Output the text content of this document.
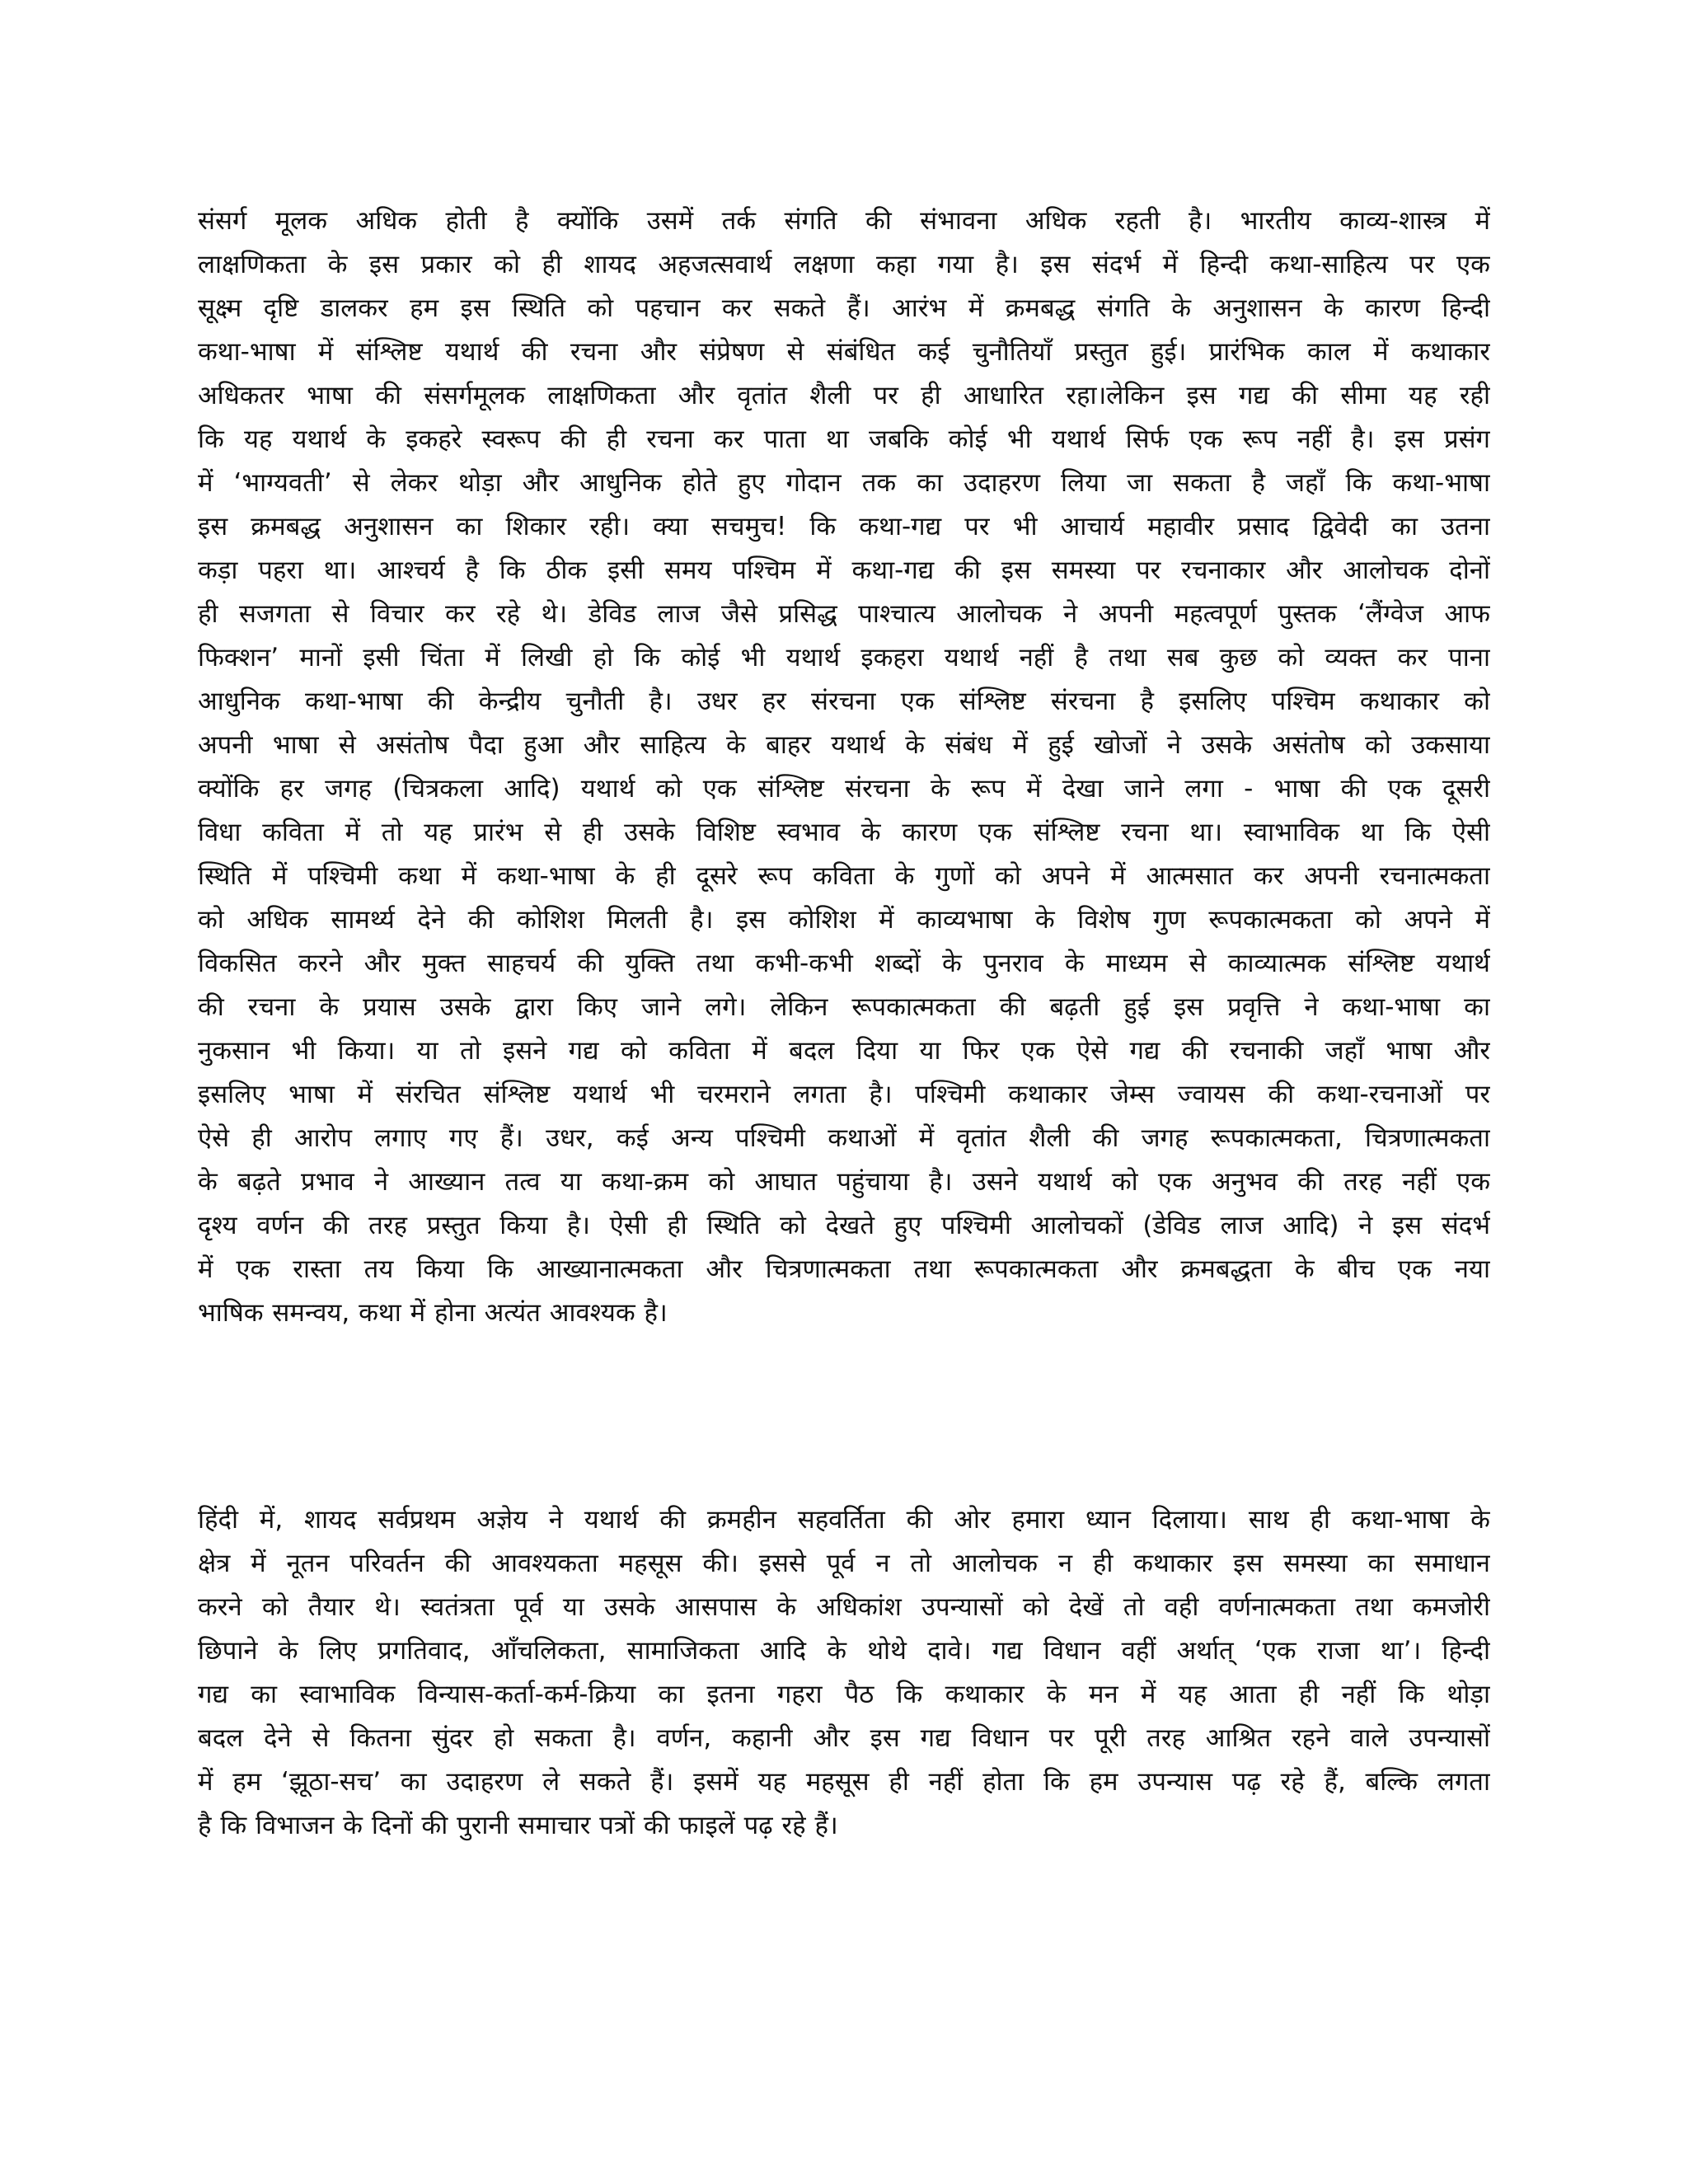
संसर्ग मूलक अधिक होती है क्योंकि उसमें तर्क संगति की संभावना अधिक रहती है। भारतीय काव्य-शास्त्र में
लाक्षणिकता के इस प्रकार को ही शायद अहजत्सवार्थ लक्षणा कहा गया है। इस संदर्भ में हिन्दी कथा-साहित्य पर एक
सूक्ष्म दृष्टि डालकर हम इस स्थिति को पहचान कर सकते हैं। आरंभ में क्रमबद्ध संगति के अनुशासन के कारण हिन्दी
कथा-भाषा में संश्लिष्ट यथार्थ की रचना और संप्रेषण से संबंधित कई चुनौतियाँ प्रस्तुत हुई। प्रारंभिक काल में कथाकार
अधिकतर भाषा की संसर्गमूलक लाक्षणिकता और वृतांत शैली पर ही आधारित रहा।लेकिन इस गद्य की सीमा यह रही
कि यह यथार्थ के इकहरे स्वरूप की ही रचना कर पाता था जबकि कोई भी यथार्थ सिर्फ एक रूप नहीं है। इस प्रसंग
में ‘भाग्यवती’ से लेकर थोड़ा और आधुनिक होते हुए गोदान तक का उदाहरण लिया जा सकता है जहाँ कि कथा-भाषा
इस क्रमबद्ध अनुशासन का शिकार रही। क्या सचमुच! कि कथा-गद्य पर भी आचार्य महावीर प्रसाद द्विवेदी का उतना
कड़ा पहरा था। आश्चर्य है कि ठीक इसी समय पश्चिम में कथा-गद्य की इस समस्या पर रचनाकार और आलोचक दोनों
ही सजगता से विचार कर रहे थे। डेविड लाज जैसे प्रसिद्ध पाश्चात्य आलोचक ने अपनी महत्वपूर्ण पुस्तक ‘लैंग्वेज आफ
फिक्शन’ मानों इसी चिंता में लिखी हो कि कोई भी यथार्थ इकहरा यथार्थ नहीं है तथा सब कुछ को व्यक्त कर पाना
आधुनिक कथा-भाषा की केन्द्रीय चुनौती है। उधर हर संरचना एक संश्लिष्ट संरचना है इसलिए पश्चिम कथाकार को
अपनी भाषा से असंतोष पैदा हुआ और साहित्य के बाहर यथार्थ के संबंध में हुई खोजों ने उसके असंतोष को उकसाया
क्योंकि हर जगह (चित्रकला आदि) यथार्थ को एक संश्लिष्ट संरचना के रूप में देखा जाने लगा - भाषा की एक दूसरी
विधा कविता में तो यह प्रारंभ से ही उसके विशिष्ट स्वभाव के कारण एक संश्लिष्ट रचना था। स्वाभाविक था कि ऐसी
स्थिति में पश्चिमी कथा में कथा-भाषा के ही दूसरे रूप कविता के गुणों को अपने में आत्मसात कर अपनी रचनात्मकता
को अधिक सामर्थ्य देने की कोशिश मिलती है। इस कोशिश में काव्यभाषा के विशेष गुण रूपकात्मकता को अपने में
विकसित करने और मुक्त साहचर्य की युक्ति तथा कभी-कभी शब्दों के पुनराव के माध्यम से काव्यात्मक संश्लिष्ट यथार्थ
की रचना के प्रयास उसके द्वारा किए जाने लगे। लेकिन रूपकात्मकता की बढ़ती हुई इस प्रवृत्ति ने कथा-भाषा का
नुकसान भी किया। या तो इसने गद्य को कविता में बदल दिया या फिर एक ऐसे गद्य की रचनाकी जहाँ भाषा और
इसलिए भाषा में संरचित संश्लिष्ट यथार्थ भी चरमराने लगता है। पश्चिमी कथाकार जेम्स ज्वायस की कथा-रचनाओं पर
ऐसे ही आरोप लगाए गए हैं। उधर, कई अन्य पश्चिमी कथाओं में वृतांत शैली की जगह रूपकात्मकता, चित्रणात्मकता
के बढ़ते प्रभाव ने आख्यान तत्व या कथा-क्रम को आघात पहुंचाया है। उसने यथार्थ को एक अनुभव की तरह नहीं एक
दृश्य वर्णन की तरह प्रस्तुत किया है। ऐसी ही स्थिति को देखते हुए पश्चिमी आलोचकों (डेविड लाज आदि) ने इस संदर्भ
में एक रास्ता तय किया कि आख्यानात्मकता और चित्रणात्मकता तथा रूपकात्मकता और क्रमबद्धता के बीच एक नया
भाषिक समन्वय, कथा में होना अत्यंत आवश्यक है।
हिंदी में, शायद सर्वप्रथम अज्ञेय ने यथार्थ की क्रमहीन सहवर्तिता की ओर हमारा ध्यान दिलाया। साथ ही कथा-भाषा के
क्षेत्र में नूतन परिवर्तन की आवश्यकता महसूस की। इससे पूर्व न तो आलोचक न ही कथाकार इस समस्या का समाधान
करने को तैयार थे। स्वतंत्रता पूर्व या उसके आसपास के अधिकांश उपन्यासों को देखें तो वही वर्णनात्मकता तथा कमजोरी
छिपाने के लिए प्रगतिवाद, आँचलिकता, सामाजिकता आदि के थोथे दावे। गद्य विधान वहीं अर्थात् ‘एक राजा था’। हिन्दी
गद्य का स्वाभाविक विन्यास-कर्ता-कर्म-क्रिया का इतना गहरा पैठ कि कथाकार के मन में यह आता ही नहीं कि थोड़ा
बदल देने से कितना सुंदर हो सकता है। वर्णन, कहानी और इस गद्य विधान पर पूरी तरह आश्रित रहने वाले उपन्यासों
में हम ‘झूठा-सच’ का उदाहरण ले सकते हैं। इसमें यह महसूस ही नहीं होता कि हम उपन्यास पढ़ रहे हैं, बल्कि लगता
है कि विभाजन के दिनों की पुरानी समाचार पत्रों की फाइलें पढ़ रहे हैं।
